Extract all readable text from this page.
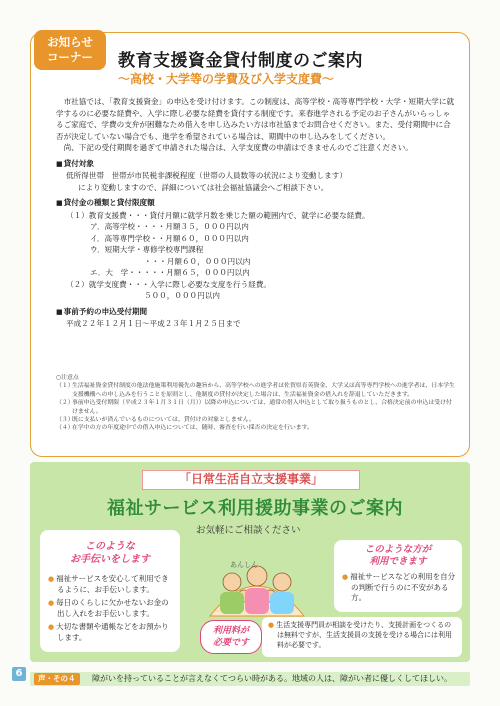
お知らせ
コーナー	教育支援資金貸付制度のご案内
～高校・大学等の学費及び入学支度費～

市社協では、「教育支援資金」の申込を受け付けます。この制度は、高等学校・高等専門学校・大学・短期大学に就学するのに必要な経費や、入学に際し必要な経費を貸付する制度です。来春進学される予定のお子さんがいらっしゃるご家庭で、学費の支弁が困難なため借入を申し込みたい方は市社協までお問合せください。また、受付期間中に合否が決定していない場合でも、進学を希望されている場合は、期間中の申し込みをしてください。

尚、下記の受付期間を過ぎて申請された場合は、入学支度費の申請はできませんのでご注意ください。

■ 貸付対象
低所得世帯　世帯が市民税非課税程度（世帯の人員数等の状況により変動します）
により変動しますので、詳細については社会福祉協議会へご相談下さい。
■ 貸付金の種類と貸付限度額
（１）教育支援費・・・貸付月額に就学月数を乗じた額の範囲内で、就学に必要な経費。
ア．高等学校・・・・月額３５，０００円以内
イ．高等専門学校・・月額６０，０００円以内
ウ．短期大学・専修学校専門課程
・・・月額６０，０００円以内
エ．大　学・・・・・月額６５，０００円以内
（２）就学支度費・・・入学に際し必要な支度を行う経費。
５００，０００円以内
■ 事前予約の申込受付期間
平成２２年１２月１日～平成２３年１月２５日まで
○注意点
（１）
生活福祉資金貸付制度の他法他施策利用優先の趣旨から、高等学校への進学者は佐賀県育英資金、大学又は高等専門学校への進学者は、日本学生支援機構への申し込みを行うことを原則とし、他制度の貸付が決定した場合は、生活福祉資金の借入れを辞退していただきます。
（２）
事前申込受付期限（平成２３年１月３１日（月））以降の申込については、通常の借入申込として取り扱うものとし、合格決定前の申込は受け付けません。
（３）
既に支払いが済んでいるものについては、貸付けの対象としません。
（４）
在学中の方の年度途中での借入申込については、随時、審査を行い採否の決定を行います。
「日常生活自立支援事業」
福祉サービス利用援助事業のご案内
お気軽にご相談ください
あんしん
このような
お手伝いをします
● 福祉サービスを安心して利用できるように、お手伝いします。
● 毎日のくらしに欠かせないお金の出し入れをお手伝いします。
● 大切な書類や通帳などをお預かりします。
このような方が
利用できます
● 福祉サービスなどの利用を自分の判断で行うのに不安がある方。
利用料が
必要です
● 生活支援専門員が相談を受けたり、支援計画をつくるのは無料ですが、生活支援員の支援を受ける場合には利用料が必要です。
6	声・その４	障がいを持っていることが言えなくてつらい時がある。地域の人は、障がい者に優しくしてほしい。
